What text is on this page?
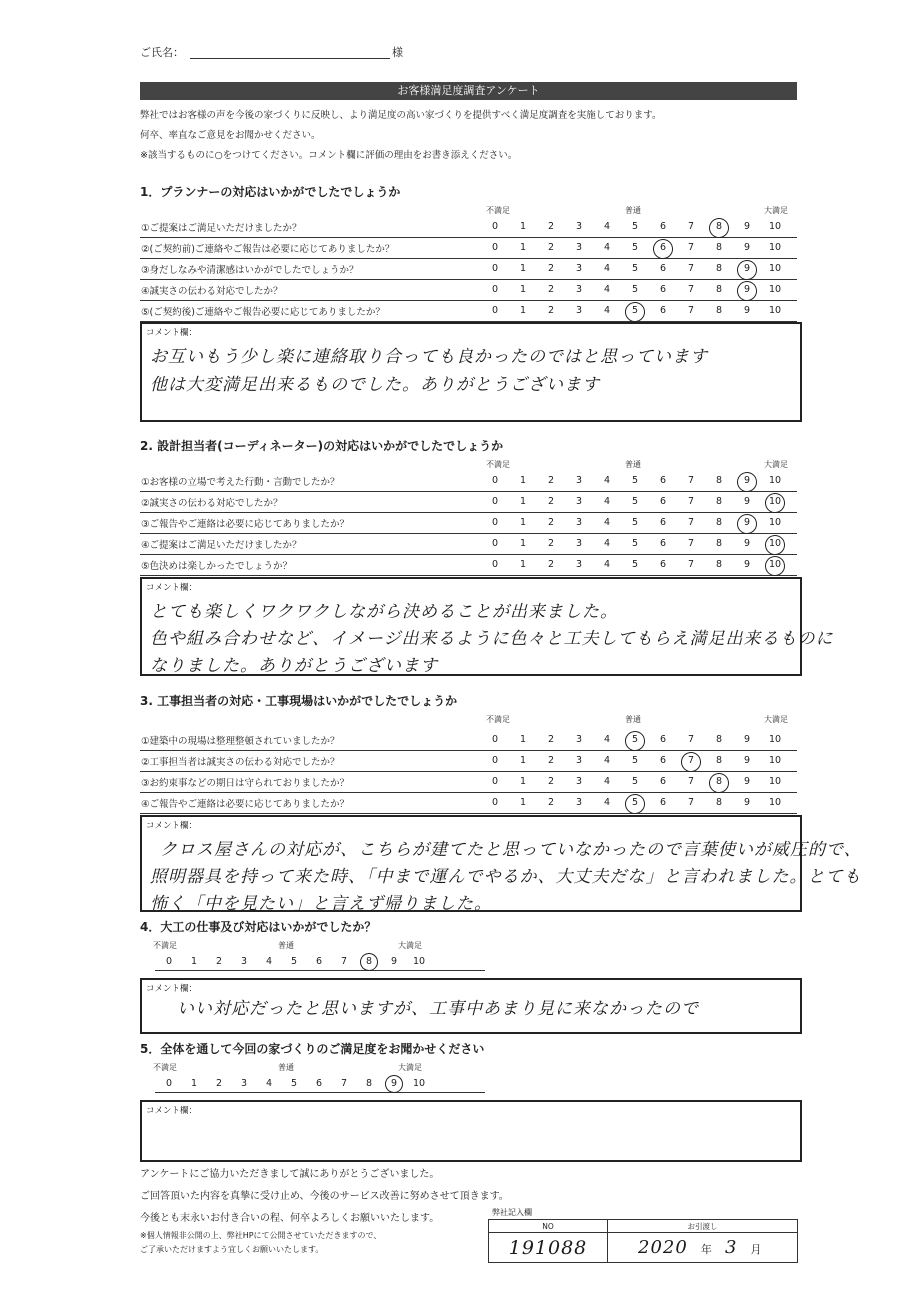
ご氏名：	様
お客様満足度調査アンケート
弊社ではお客様の声を今後の家づくりに反映し、より満足度の高い家づくりを提供すべく満足度調査を実施しております。
何卒、率直なご意見をお聞かせください。
※該当するものに○をつけてください。コメント欄に評価の理由をお書き添えください。
1．プランナーの対応はいかがでしたでしょうか
不満足	普通	大満足
①ご提案はご満足いただけましたか？	0	1	2	3	4	5	6	7	8	9	10
②(ご契約前)ご連絡やご報告は必要に応じてありましたか？	0	1	2	3	4	5	6	7	8	9	10
③身だしなみや清潔感はいかがでしたでしょうか？	0	1	2	3	4	5	6	7	8	9	10
④誠実さの伝わる対応でしたか？	0	1	2	3	4	5	6	7	8	9	10
⑤(ご契約後)ご連絡やご報告必要に応じてありましたか？	0	1	2	3	4	5	6	7	8	9	10
コメント欄：
お互いもう少し楽に連絡取り合っても良かったのではと思っています
他は大変満足出来るものでした。ありがとうございます
2. 設計担当者(コーディネーター)の対応はいかがでしたでしょうか
不満足	普通	大満足
①お客様の立場で考えた行動・言動でしたか？	0	1	2	3	4	5	6	7	8	9	10
②誠実さの伝わる対応でしたか？	0	1	2	3	4	5	6	7	8	9	10
③ご報告やご連絡は必要に応じてありましたか？	0	1	2	3	4	5	6	7	8	9	10
④ご提案はご満足いただけましたか？	0	1	2	3	4	5	6	7	8	9	10
⑤色決めは楽しかったでしょうか？	0	1	2	3	4	5	6	7	8	9	10
コメント欄：
とても楽しくワクワクしながら決めることが出来ました。
色や組み合わせなど、イメージ出来るように色々と工夫してもらえ満足出来るものに
なりました。ありがとうございます
3. 工事担当者の対応・工事現場はいかがでしたでしょうか
不満足	普通	大満足
①建築中の現場は整理整頓されていましたか？	0	1	2	3	4	5	6	7	8	9	10
②工事担当者は誠実さの伝わる対応でしたか？	0	1	2	3	4	5	6	7	8	9	10
③お約束事などの期日は守られておりましたか？	0	1	2	3	4	5	6	7	8	9	10
④ご報告やご連絡は必要に応じてありましたか？	0	1	2	3	4	5	6	7	8	9	10
コメント欄：
クロス屋さんの対応が、こちらが建てたと思っていなかったので言葉使いが威圧的で、
照明器具を持って来た時、「中まで運んでやるか、大丈夫だな」と言われました。とても
怖く「中を見たい」と言えず帰りました。
4．大工の仕事及び対応はいかがでしたか？
不満足	普通	大満足
0	1	2	3	4	5	6	7	8	9	10
コメント欄：
いい対応だったと思いますが、工事中あまり見に来なかったので
5．全体を通して今回の家づくりのご満足度をお聞かせください
不満足	普通	大満足
0	1	2	3	4	5	6	7	8	9	10
コメント欄：
アンケートにご協力いただきまして誠にありがとうございました。
ご回答頂いた内容を真摯に受け止め、今後のサービス改善に努めさせて頂きます。
今後とも末永いお付き合いの程、何卒よろしくお願いいたします。
※個人情報非公開の上、弊社HPにて公開させていただきますので、
ご了承いただけますよう宜しくお願いいたします。
弊社記入欄
NO	お引渡し
191088	2020 年 3 月
